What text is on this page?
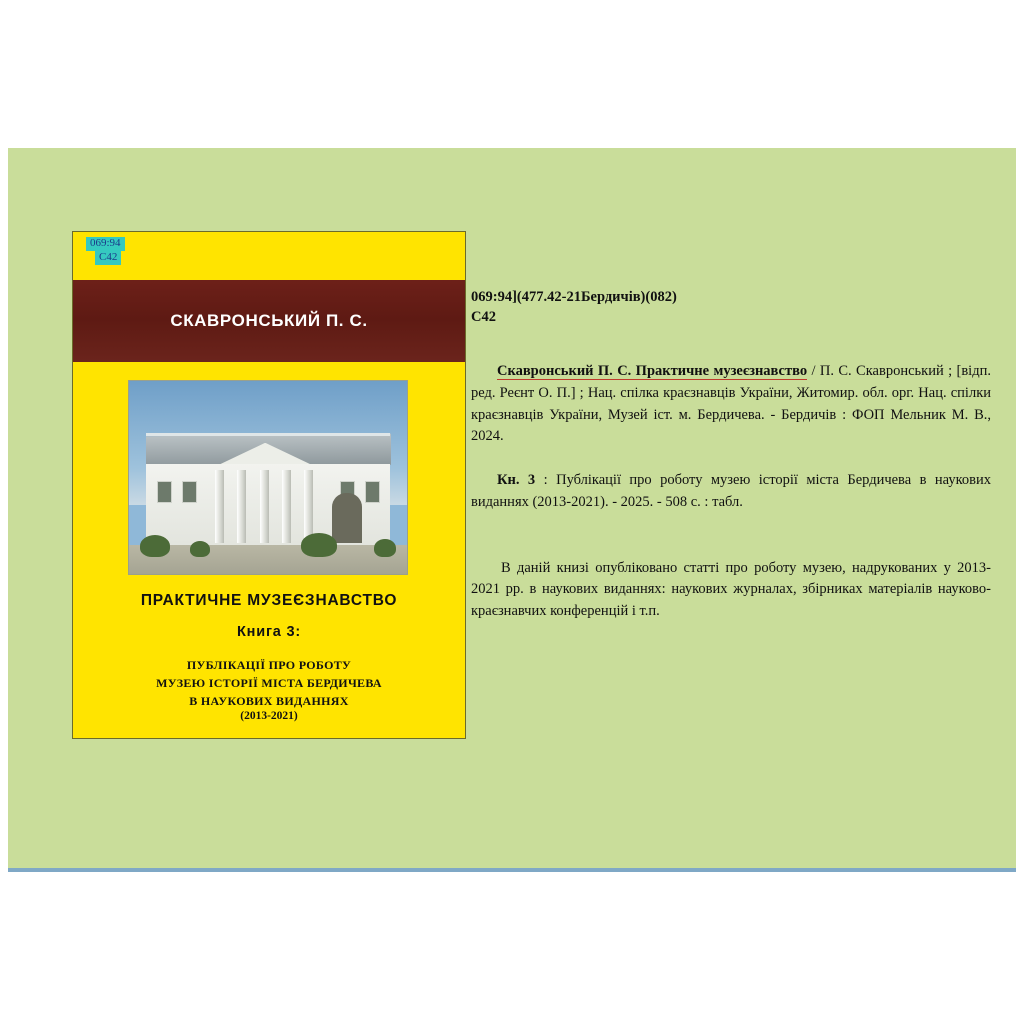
069:94 С42
СКАВРОНСЬКИЙ П. С.
ПРАКТИЧНЕ МУЗЕЄЗНАВСТВО
Книга 3:
ПУБЛІКАЦІЇ ПРО РОБОТУ
МУЗЕЮ ІСТОРІЇ МІСТА БЕРДИЧЕВА
В НАУКОВИХ ВИДАННЯХ
(2013-2021)
069:94](477.42-21Бердичів)(082)
С42
Скавронський П. С. Практичне музеєзнавство / П. С. Скавронський ; [відп. ред. Реєнт О. П.] ; Нац. спілка краєзнавців України, Житомир. обл. орг. Нац. спілки краєзнавців України, Музей іст. м. Бердичева. - Бердичів : ФОП Мельник М. В., 2024.
Кн. 3 : Публікації про роботу музею історії міста Бердичева в наукових виданнях (2013-2021). - 2025. - 508 с. : табл.
В даній книзі опубліковано статті про роботу музею, надрукованих у 2013-2021 рр. в наукових виданнях: наукових журналах, збірниках матеріалів науково-краєзнавчих конференцій і т.п.
